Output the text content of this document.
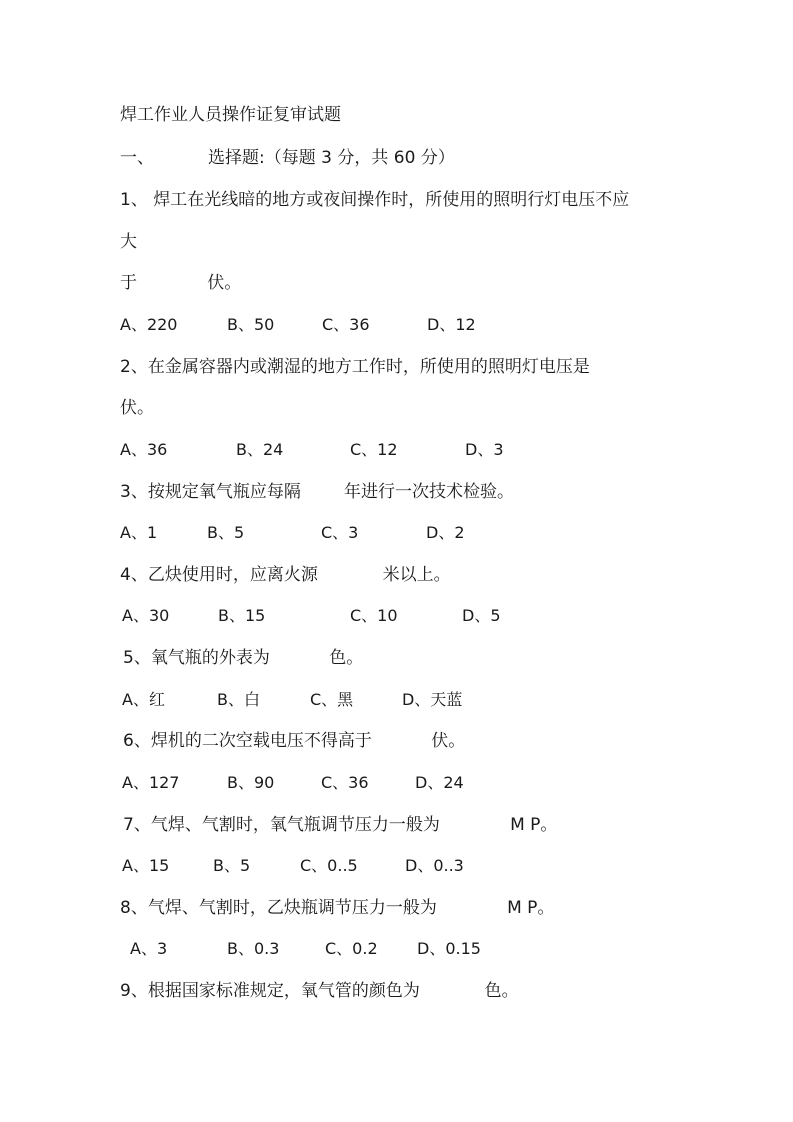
焊工作业人员操作证复审试题

一、          选择题:（每题 3 分，共 60 分）

1、 焊工在光线暗的地方或夜间操作时，所使用的照明行灯电压不应

大

于             伏。

A、220

	B、50

	C、36

	D、12

2、在金属容器内或潮湿的地方工作时，所使用的照明灯电压是

伏。

A、36

	B、24

	C、12

	D、3

3、按规定氧气瓶应每隔        年进行一次技术检验。

A、1

	B、5

	C、3

	D、2

4、乙炔使用时，应离火源            米以上。

A、30

	B、15

	C、10

	D、5

5、氧气瓶的外表为           色。

A、红

	B、白

	C、黑

	D、天蓝

6、焊机的二次空载电压不得高于           伏。

A、127

	B、90

	C、36

	D、24

7、气焊、气割时，氧气瓶调节压力一般为             M P。

A、15

	B、5

	C、0..5

	D、0..3

8、气焊、气割时，乙炔瓶调节压力一般为             M P。

A、3

	B、0.3

	C、0.2

D、0.15

9、根据国家标准规定，氧气管的颜色为            色。
